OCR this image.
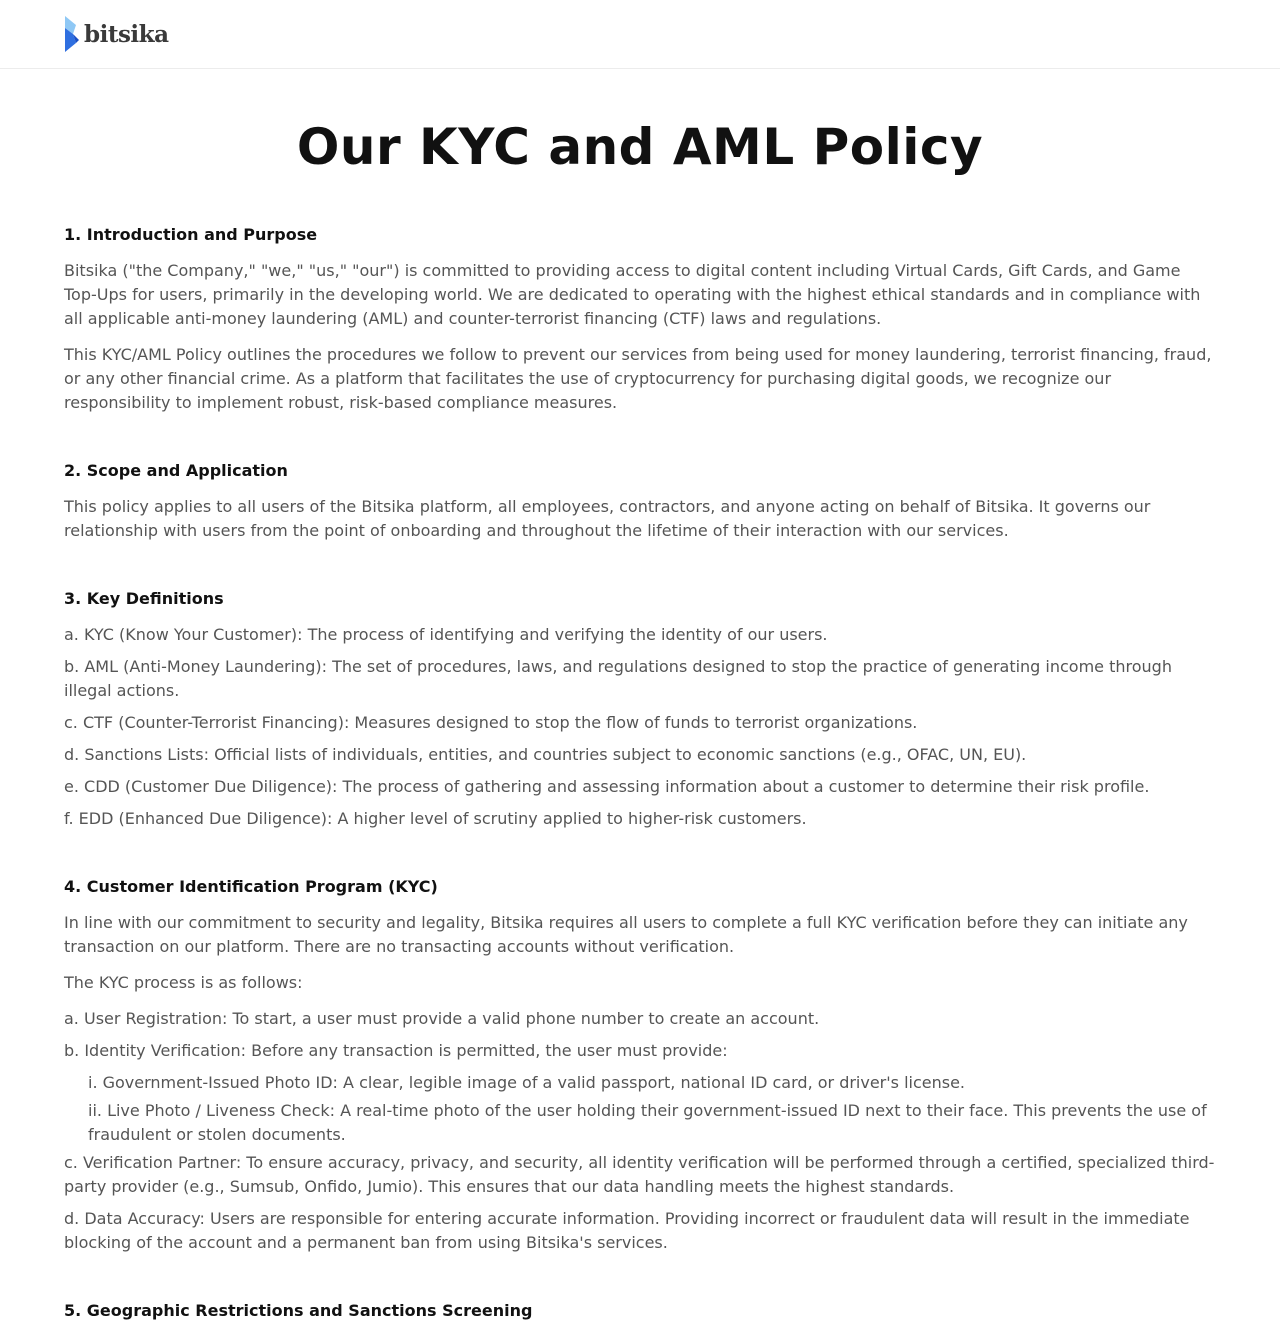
bitsika
Our KYC and AML Policy
1. Introduction and Purpose

Bitsika ("the Company," "we," "us," "our") is committed to providing access to digital content including Virtual Cards, Gift Cards, and Game Top-Ups for users, primarily in the developing world. We are dedicated to operating with the highest ethical standards and in compliance with all applicable anti-money laundering (AML) and counter-terrorist financing (CTF) laws and regulations.

This KYC/AML Policy outlines the procedures we follow to prevent our services from being used for money laundering, terrorist financing, fraud, or any other financial crime. As a platform that facilitates the use of cryptocurrency for purchasing digital goods, we recognize our responsibility to implement robust, risk-based compliance measures.

2. Scope and Application

This policy applies to all users of the Bitsika platform, all employees, contractors, and anyone acting on behalf of Bitsika. It governs our relationship with users from the point of onboarding and throughout the lifetime of their interaction with our services.

3. Key Definitions
a. KYC (Know Your Customer): The process of identifying and verifying the identity of our users.
b. AML (Anti-Money Laundering): The set of procedures, laws, and regulations designed to stop the practice of generating income through illegal actions.
c. CTF (Counter-Terrorist Financing): Measures designed to stop the flow of funds to terrorist organizations.
d. Sanctions Lists: Official lists of individuals, entities, and countries subject to economic sanctions (e.g., OFAC, UN, EU).
e. CDD (Customer Due Diligence): The process of gathering and assessing information about a customer to determine their risk profile.
f. EDD (Enhanced Due Diligence): A higher level of scrutiny applied to higher-risk customers.
4. Customer Identification Program (KYC)

In line with our commitment to security and legality, Bitsika requires all users to complete a full KYC verification before they can initiate any transaction on our platform. There are no transacting accounts without verification.

The KYC process is as follows:

a. User Registration: To start, a user must provide a valid phone number to create an account.
b. Identity Verification: Before any transaction is permitted, the user must provide:
i. Government-Issued Photo ID: A clear, legible image of a valid passport, national ID card, or driver's license.
ii. Live Photo / Liveness Check: A real-time photo of the user holding their government-issued ID next to their face. This prevents the use of fraudulent or stolen documents.
c. Verification Partner: To ensure accuracy, privacy, and security, all identity verification will be performed through a certified, specialized third-party provider (e.g., Sumsub, Onfido, Jumio). This ensures that our data handling meets the highest standards.
d. Data Accuracy: Users are responsible for entering accurate information. Providing incorrect or fraudulent data will result in the immediate blocking of the account and a permanent ban from using Bitsika's services.
5. Geographic Restrictions and Sanctions Screening
